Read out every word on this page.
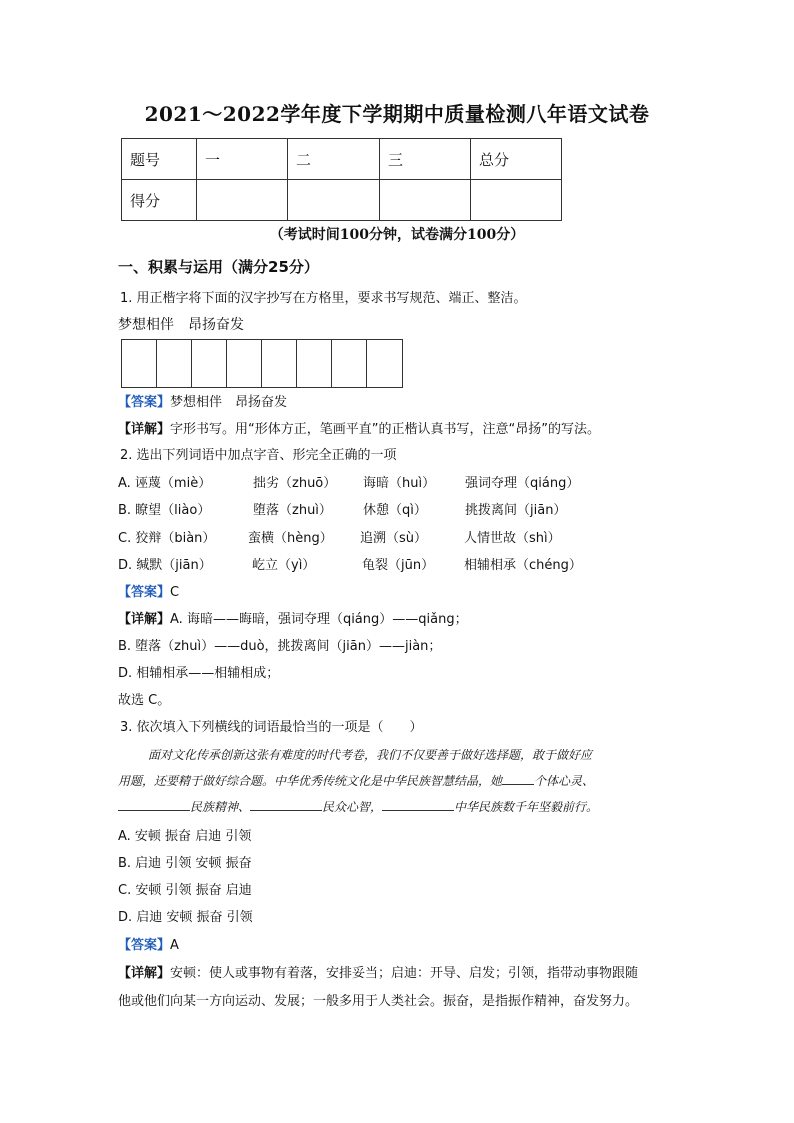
2021～2022学年度下学期期中质量检测八年语文试卷
题号	一	二	三	总分
得分				
（考试时间100分钟，试卷满分100分）
一、积累与运用（满分25分）
1. 用正楷字将下面的汉字抄写在方格里，要求书写规范、端正、整洁。
梦想相伴　昂扬奋发
【答案】梦想相伴　昂扬奋发
【详解】字形书写。用“形体方正，笔画平直”的正楷认真书写，注意“昂扬”的写法。
2. 选出下列词语中加点字音、形完全正确的一项
A. 诬蔑（miè）	拙劣（zhuō） 诲暗（huì） 强词夺理（qiáng）
B. 瞭望（liào）	堕落（zhuì） 休憩（qì）	挑拨离间（jiān）
C. 狡辩（biàn）	蛮横（hèng） 追溯（sù）	人情世故（shì）
D. 缄默（jiān）	屹立（yì）	龟裂（jūn） 相辅相承（chéng）
【答案】C
【详解】A. 诲暗——晦暗，强词夺理（qiáng）——qiǎng；
B. 堕落（zhuì）——duò，挑拨离间（jiān）——jiàn；
D. 相辅相承——相辅相成；
故选 C。
3. 依次填入下列横线的词语最恰当的一项是（　　）
面对文化传承创新这张有难度的时代考卷，我们不仅要善于做好选择题，敢于做好应
用题，还要精于做好综合题。中华优秀传统文化是中华民族智慧结晶，她	个体心灵、
民族精神、	民众心智，	中华民族数千年坚毅前行。
A. 安顿 振奋 启迪 引领
B. 启迪 引领 安顿 振奋
C. 安顿 引领 振奋 启迪
D. 启迪 安顿 振奋 引领
【答案】A
【详解】安顿：使人或事物有着落，安排妥当；启迪：开导、启发；引领，指带动事物跟随
他或他们向某一方向运动、发展；一般多用于人类社会。振奋，是指振作精神，奋发努力。
